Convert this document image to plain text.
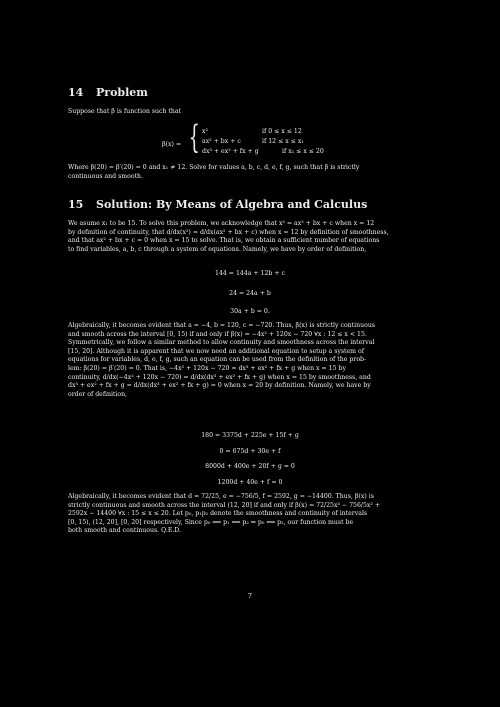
14 Problem
Suppose that β is function such that
β(x) = { x²	if 0 ≤ x ≤ 12
ax² + bx + c	if 12 ≤ x ≤ x₁
dx³ + ex² + fx + g	if x₁ ≤ x ≤ 20
Where β(20) = β′(20) = 0 and x₁ ≠ 12. Solve for values a, b, c, d, e, f, g, such that β is strictly
continuous and smooth.
15 Solution: By Means of Algebra and Calculus
We asume x₁ to be 15. To solve this problem, we acknowledge that x² = ax² + bx + c when x = 12
by definition of continuity, that d/dx(x²) = d/dx(ax² + bx + c) when x = 12 by definition of smoothness,
and that ax² + bx + c = 0 when x = 15 to solve. That is, we obtain a sufficient number of equations
to find variables, a, b, c through a system of equations. Namely, we have by order of definition,
144 = 144a + 12b + c
24 = 24a + b
30a + b = 0.
Algebraically, it becomes evident that a = −4, b = 120, c = −720. Thus, β(x) is strictly continuous
and smooth across the interval [0, 15) if and only if β(x) = −4x² + 120x − 720 ∀x : 12 ≤ x < 15.
Symmetrically, we follow a similar method to allow continuity and smoothness across the interval
[15, 20]. Although it is apparent that we now need an additional equation to setup a system of
equations for variables, d, e, f, g, such an equation can be used from the definition of the prob-
lem: β(20) = β′(20) = 0. That is, −4x² + 120x − 720 = dx³ + ex² + fx + g when x = 15 by
continuity, d/dx(−4x² + 120x − 720) = d/dx(dx³ + ex² + fx + g) when x = 15 by smoothness, and
dx³ + ex² + fx + g = d/dx(dx³ + ex² + fx + g) = 0 when x = 20 by definition. Namely, we have by
order of definition,
180 = 3375d + 225e + 15f + g
0 = 675d + 30e + f
8000d + 400e + 20f + g = 0
1200d + 40e + f = 0
Algebraically, it becomes evident that d = 72/25, e = −756/5, f = 2592, g = −14400. Thus, β(x) is
strictly continuous and smooth across the interval (12, 20] if and only if β(x) = 72/25x³ − 756/5x² +
2592x − 14400 ∀x : 15 ≤ x ≤ 20. Let p₀, p₁p₂ denote the smoothness and continuity of intervals
[0, 15), (12, 20], [0, 20] respectively, Since p₀ ⟺ p₁ ⟺ p₂ ⇒ p₀ ⟺ p₂, our function must be
both smooth and continuous. Q.E.D.
7
